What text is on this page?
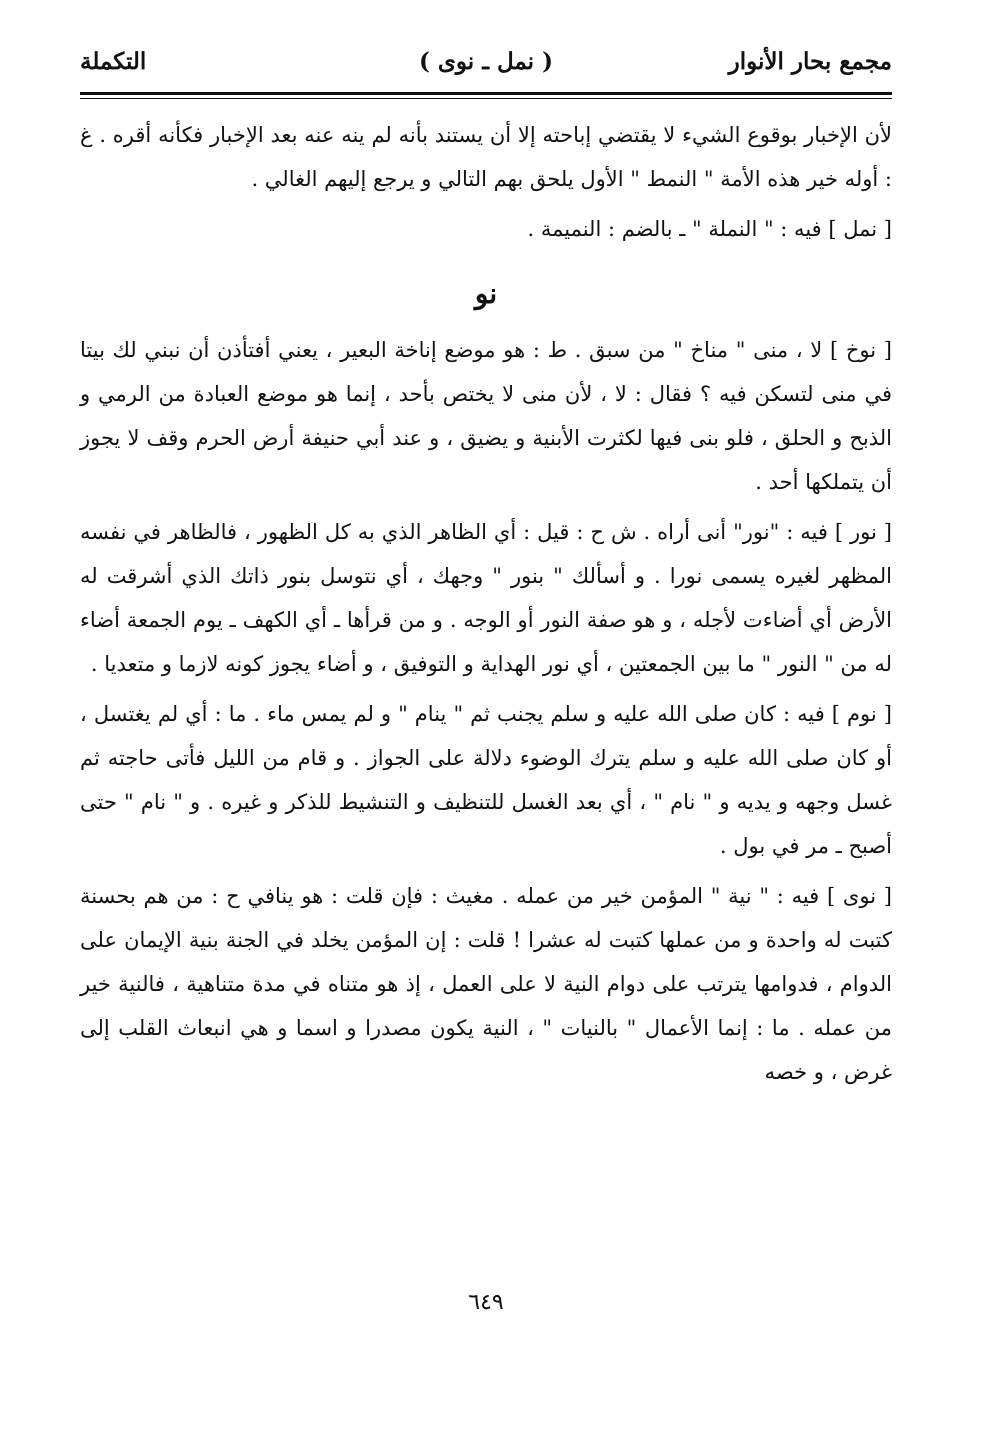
مجمع بحار الأنوار
( نمل ـ نوى )
التكملة

لأن الإخبار بوقوع الشيء لا يقتضي إباحته إلا أن يستند بأنه لم ينه عنه بعد الإخبار فكأنه أقره . غ : أوله خير هذه الأمة " النمط " الأول يلحق بهم التالي و يرجع إليهم الغالي .

[ نمل ] فيه : " النملة " ـ بالضم : النميمة .

نو

[ نوخ ] لا ، منى " مناخ " من سبق . ط : هو موضع إناخة البعير ، يعني أفتأذن أن نبني لك بيتا في منى لتسكن فيه ؟ فقال : لا ، لأن منى لا يختص بأحد ، إنما هو موضع العبادة من الرمي و الذبح و الحلق ، فلو بنى فيها لكثرت الأبنية و يضيق ، و عند أبي حنيفة أرض الحرم وقف لا يجوز أن يتملكها أحد .

[ نور ] فيه : "نور" أنى أراه . ش ح : قيل : أي الظاهر الذي به كل الظهور ، فالظاهر في نفسه المظهر لغيره يسمى نورا . و أسألك " بنور " وجهك ، أي نتوسل بنور ذاتك الذي أشرقت له الأرض أي أضاءت لأجله ، و هو صفة النور أو الوجه . و من قرأها ـ أي الكهف ـ يوم الجمعة أضاء له من " النور " ما بين الجمعتين ، أي نور الهداية و التوفيق ، و أضاء يجوز كونه لازما و متعديا .

[ نوم ] فيه : كان صلى الله عليه و سلم يجنب ثم " ينام " و لم يمس ماء . ما : أي لم يغتسل ، أو كان صلى الله عليه و سلم يترك الوضوء دلالة على الجواز . و قام من الليل فأتى حاجته ثم غسل وجهه و يديه و " نام " ، أي بعد الغسل للتنظيف و التنشيط للذكر و غيره . و " نام " حتى أصبح ـ مر في بول .

[ نوى ] فيه : " نية " المؤمن خير من عمله . مغيث : فإن قلت : هو ينافي ح : من هم بحسنة كتبت له واحدة و من عملها كتبت له عشرا ! قلت : إن المؤمن يخلد في الجنة بنية الإيمان على الدوام ، فدوامها يترتب على دوام النية لا على العمل ، إذ هو متناه في مدة متناهية ، فالنية خير من عمله . ما : إنما الأعمال " بالنيات " ، النية يكون مصدرا و اسما و هي انبعاث القلب إلى غرض ، و خصه

٦٤٩
